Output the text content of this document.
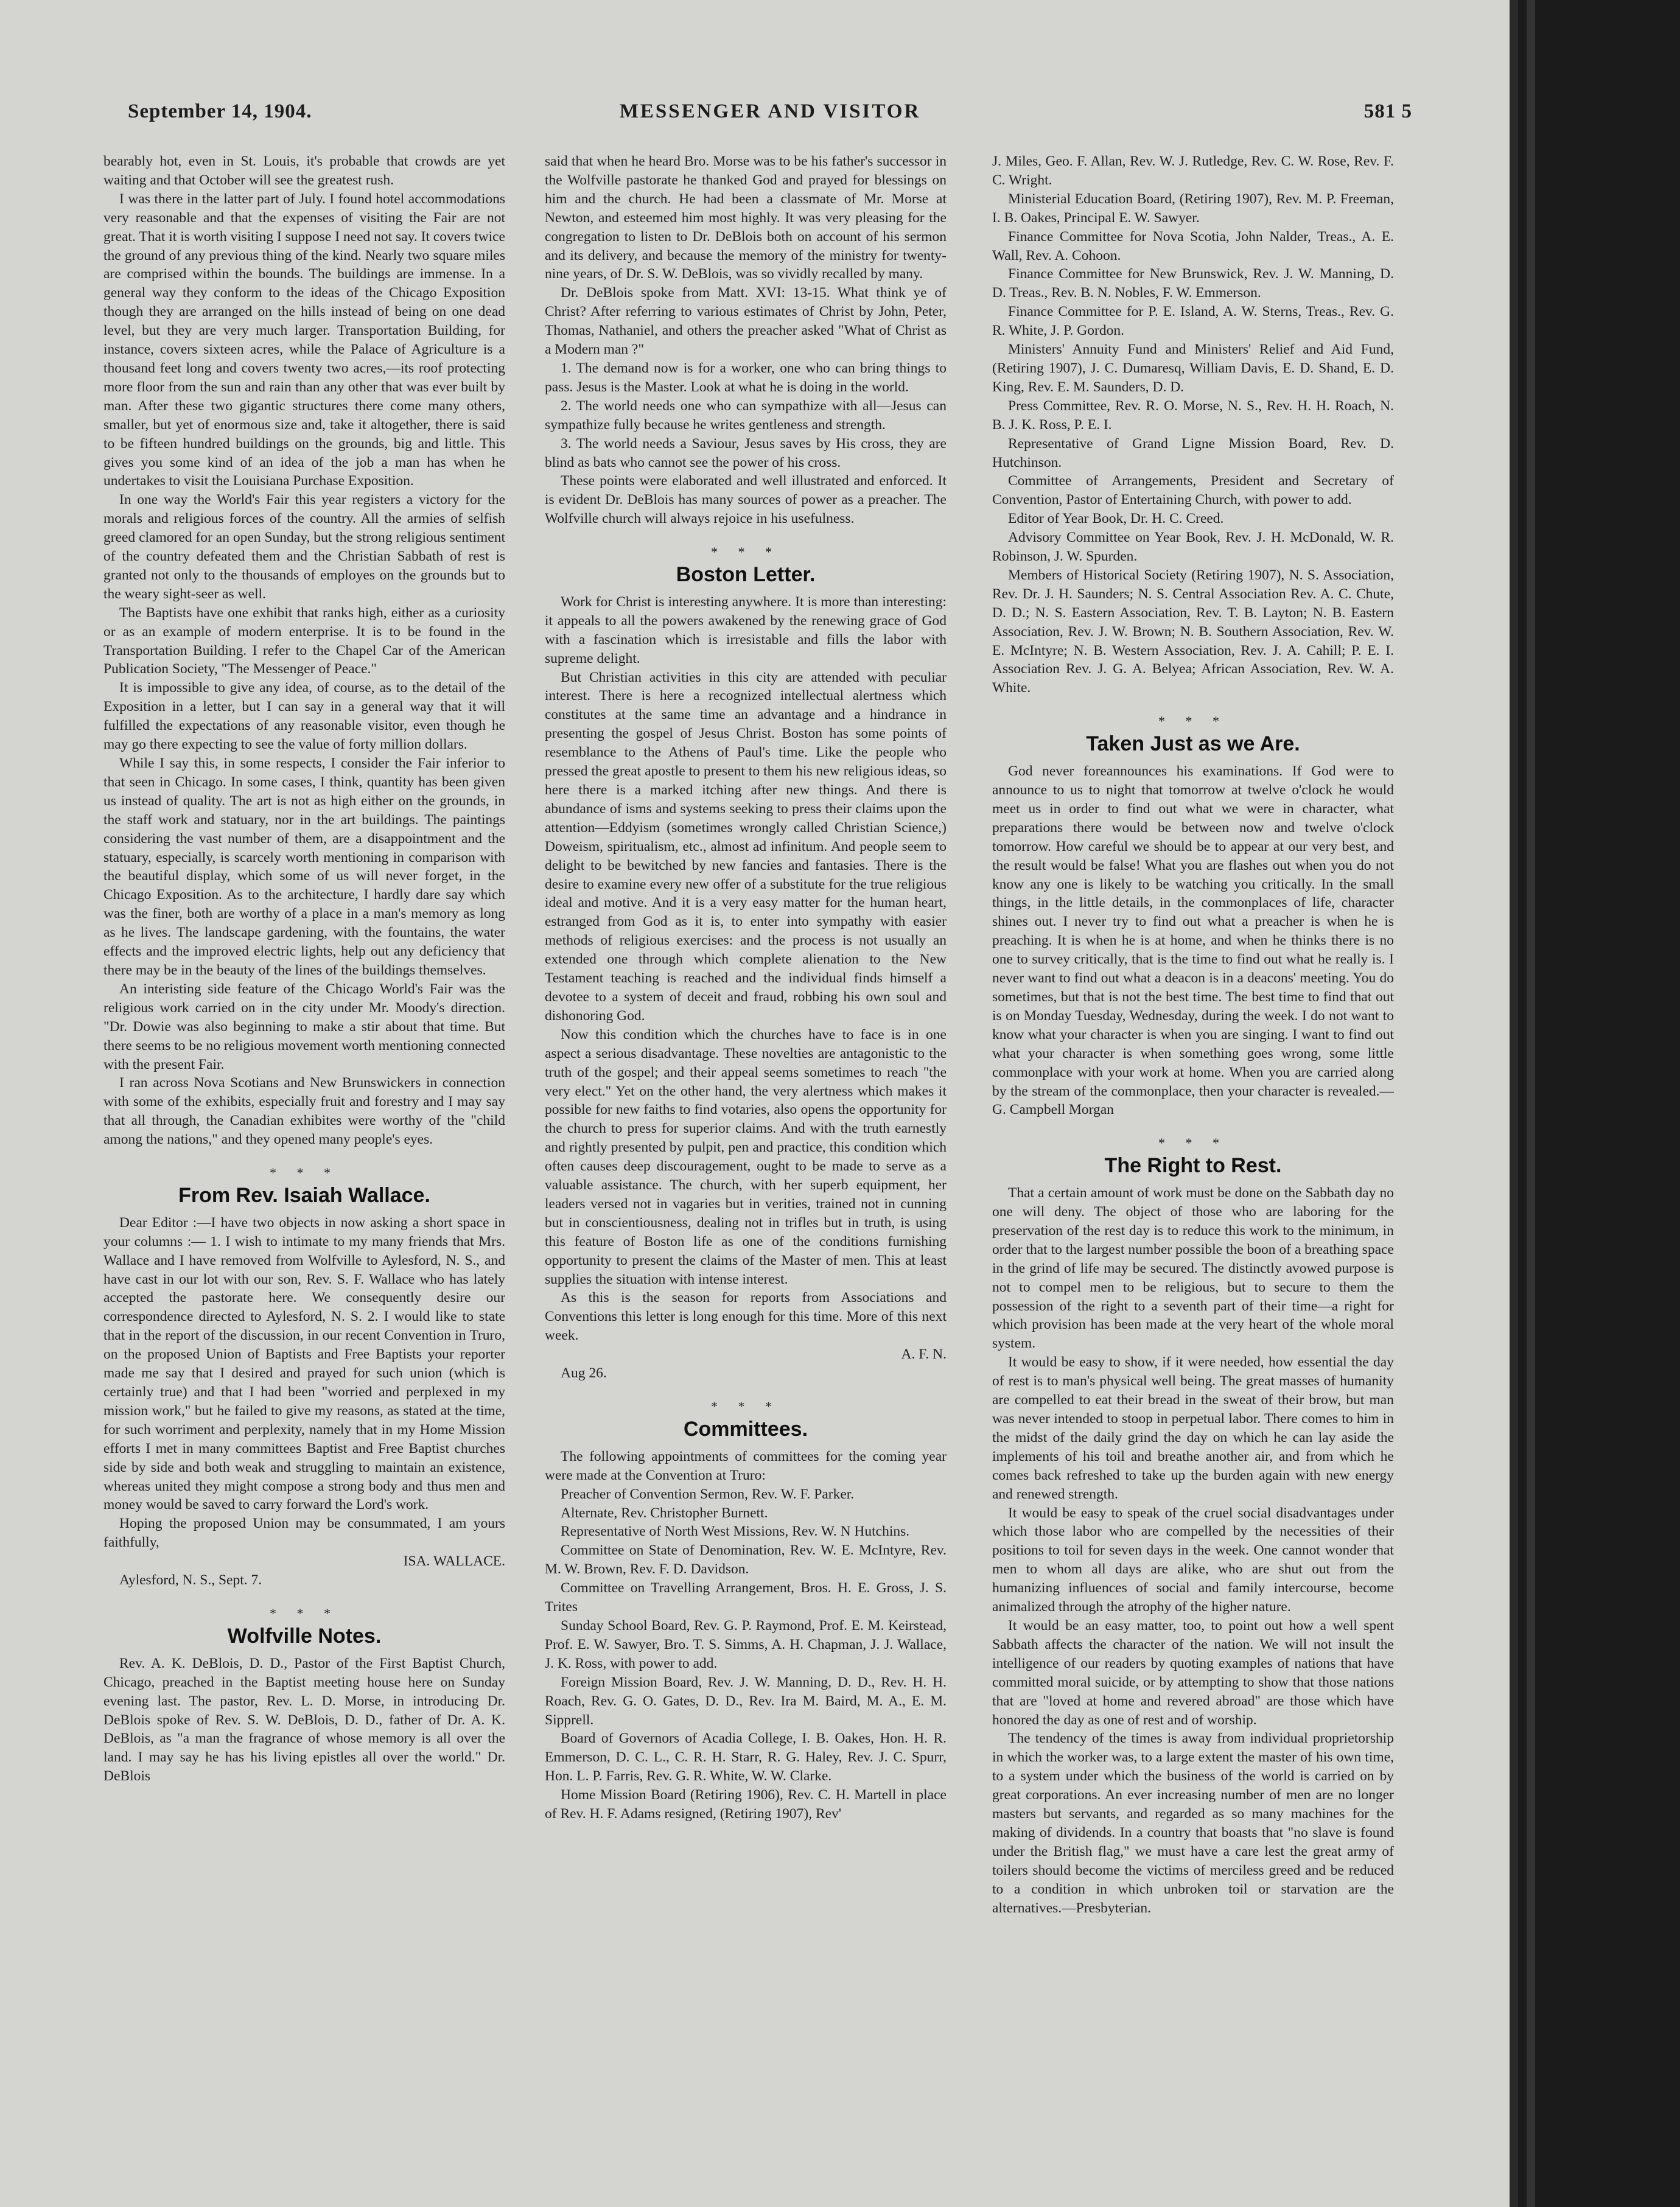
September 14, 1904.	MESSENGER AND VISITOR	581 5

bearably hot, even in St. Louis, it's probable that crowds are yet waiting and that October will see the greatest rush.

I was there in the latter part of July. I found hotel accommodations very reasonable and that the expenses of visiting the Fair are not great. That it is worth visiting I suppose I need not say. It covers twice the ground of any previous thing of the kind. Nearly two square miles are comprised within the bounds. The buildings are immense. In a general way they conform to the ideas of the Chicago Exposition though they are arranged on the hills instead of being on one dead level, but they are very much larger. Transportation Building, for instance, covers sixteen acres, while the Palace of Agriculture is a thousand feet long and covers twenty two acres,—its roof protecting more floor from the sun and rain than any other that was ever built by man. After these two gigantic structures there come many others, smaller, but yet of enormous size and, take it altogether, there is said to be fifteen hundred buildings on the grounds, big and little. This gives you some kind of an idea of the job a man has when he undertakes to visit the Louisiana Purchase Exposition.

In one way the World's Fair this year registers a victory for the morals and religious forces of the country. All the armies of selfish greed clamored for an open Sunday, but the strong religious sentiment of the country defeated them and the Christian Sabbath of rest is granted not only to the thousands of employes on the grounds but to the weary sight-seer as well.

The Baptists have one exhibit that ranks high, either as a curiosity or as an example of modern enterprise. It is to be found in the Transportation Building. I refer to the Chapel Car of the American Publication Society, "The Messenger of Peace."

It is impossible to give any idea, of course, as to the detail of the Exposition in a letter, but I can say in a general way that it will fulfilled the expectations of any reasonable visitor, even though he may go there expecting to see the value of forty million dollars.

While I say this, in some respects, I consider the Fair inferior to that seen in Chicago. In some cases, I think, quantity has been given us instead of quality. The art is not as high either on the grounds, in the staff work and statuary, nor in the art buildings. The paintings considering the vast number of them, are a disappointment and the statuary, especially, is scarcely worth mentioning in comparison with the beautiful display, which some of us will never forget, in the Chicago Exposition. As to the architecture, I hardly dare say which was the finer, both are worthy of a place in a man's memory as long as he lives. The landscape gardening, with the fountains, the water effects and the improved electric lights, help out any deficiency that there may be in the beauty of the lines of the buildings themselves.

An interisting side feature of the Chicago World's Fair was the religious work carried on in the city under Mr. Moody's direction. "Dr. Dowie was also beginning to make a stir about that time. But there seems to be no religious movement worth mentioning connected with the present Fair.

I ran across Nova Scotians and New Brunswickers in connection with some of the exhibits, especially fruit and forestry and I may say that all through, the Canadian exhibites were worthy of the "child among the nations," and they opened many people's eyes.

* * *
From Rev. Isaiah Wallace.

Dear Editor :—I have two objects in now asking a short space in your columns :— 1. I wish to intimate to my many friends that Mrs. Wallace and I have removed from Wolfville to Aylesford, N. S., and have cast in our lot with our son, Rev. S. F. Wallace who has lately accepted the pastorate here. We consequently desire our correspondence directed to Aylesford, N. S. 2. I would like to state that in the report of the discussion, in our recent Convention in Truro, on the proposed Union of Baptists and Free Baptists your reporter made me say that I desired and prayed for such union (which is certainly true) and that I had been "worried and perplexed in my mission work," but he failed to give my reasons, as stated at the time, for such worriment and perplexity, namely that in my Home Mission efforts I met in many committees Baptist and Free Baptist churches side by side and both weak and struggling to maintain an existence, whereas united they might compose a strong body and thus men and money would be saved to carry forward the Lord's work.

Hoping the proposed Union may be consummated, I am yours faithfully,

ISA. WALLACE.

Aylesford, N. S., Sept. 7.

* * *
Wolfville Notes.

Rev. A. K. DeBlois, D. D., Pastor of the First Baptist Church, Chicago, preached in the Baptist meeting house here on Sunday evening last. The pastor, Rev. L. D. Morse, in introducing Dr. DeBlois spoke of Rev. S. W. DeBlois, D. D., father of Dr. A. K. DeBlois, as "a man the fragrance of whose memory is all over the land. I may say he has his living epistles all over the world." Dr. DeBlois

said that when he heard Bro. Morse was to be his father's successor in the Wolfville pastorate he thanked God and prayed for blessings on him and the church. He had been a classmate of Mr. Morse at Newton, and esteemed him most highly. It was very pleasing for the congregation to listen to Dr. DeBlois both on account of his sermon and its delivery, and because the memory of the ministry for twenty-nine years, of Dr. S. W. DeBlois, was so vividly recalled by many.

Dr. DeBlois spoke from Matt. XVI: 13-15. What think ye of Christ? After referring to various estimates of Christ by John, Peter, Thomas, Nathaniel, and others the preacher asked "What of Christ as a Modern man ?"

1. The demand now is for a worker, one who can bring things to pass. Jesus is the Master. Look at what he is doing in the world.

2. The world needs one who can sympathize with all—Jesus can sympathize fully because he writes gentleness and strength.

3. The world needs a Saviour, Jesus saves by His cross, they are blind as bats who cannot see the power of his cross.

These points were elaborated and well illustrated and enforced. It is evident Dr. DeBlois has many sources of power as a preacher. The Wolfville church will always rejoice in his usefulness.

* * *
Boston Letter.

Work for Christ is interesting anywhere. It is more than interesting: it appeals to all the powers awakened by the renewing grace of God with a fascination which is irresistable and fills the labor with supreme delight.

But Christian activities in this city are attended with peculiar interest. There is here a recognized intellectual alertness which constitutes at the same time an advantage and a hindrance in presenting the gospel of Jesus Christ. Boston has some points of resemblance to the Athens of Paul's time. Like the people who pressed the great apostle to present to them his new religious ideas, so here there is a marked itching after new things. And there is abundance of isms and systems seeking to press their claims upon the attention—Eddyism (sometimes wrongly called Christian Science,) Doweism, spiritualism, etc., almost ad infinitum. And people seem to delight to be bewitched by new fancies and fantasies. There is the desire to examine every new offer of a substitute for the true religious ideal and motive. And it is a very easy matter for the human heart, estranged from God as it is, to enter into sympathy with easier methods of religious exercises: and the process is not usually an extended one through which complete alienation to the New Testament teaching is reached and the individual finds himself a devotee to a system of deceit and fraud, robbing his own soul and dishonoring God.

Now this condition which the churches have to face is in one aspect a serious disadvantage. These novelties are antagonistic to the truth of the gospel; and their appeal seems sometimes to reach "the very elect." Yet on the other hand, the very alertness which makes it possible for new faiths to find votaries, also opens the opportunity for the church to press for superior claims. And with the truth earnestly and rightly presented by pulpit, pen and practice, this condition which often causes deep discouragement, ought to be made to serve as a valuable assistance. The church, with her superb equipment, her leaders versed not in vagaries but in verities, trained not in cunning but in conscientiousness, dealing not in trifles but in truth, is using this feature of Boston life as one of the conditions furnishing opportunity to present the claims of the Master of men. This at least supplies the situation with intense interest.

As this is the season for reports from Associations and Conventions this letter is long enough for this time. More of this next week.

A. F. N.

Aug 26.

* * *
Committees.

The following appointments of committees for the coming year were made at the Convention at Truro:

Preacher of Convention Sermon, Rev. W. F. Parker.

Alternate, Rev. Christopher Burnett.

Representative of North West Missions, Rev. W. N Hutchins.

Committee on State of Denomination, Rev. W. E. McIntyre, Rev. M. W. Brown, Rev. F. D. Davidson.

Committee on Travelling Arrangement, Bros. H. E. Gross, J. S. Trites

Sunday School Board, Rev. G. P. Raymond, Prof. E. M. Keirstead, Prof. E. W. Sawyer, Bro. T. S. Simms, A. H. Chapman, J. J. Wallace, J. K. Ross, with power to add.

Foreign Mission Board, Rev. J. W. Manning, D. D., Rev. H. H. Roach, Rev. G. O. Gates, D. D., Rev. Ira M. Baird, M. A., E. M. Sipprell.

Board of Governors of Acadia College, I. B. Oakes, Hon. H. R. Emmerson, D. C. L., C. R. H. Starr, R. G. Haley, Rev. J. C. Spurr, Hon. L. P. Farris, Rev. G. R. White, W. W. Clarke.

Home Mission Board (Retiring 1906), Rev. C. H. Martell in place of Rev. H. F. Adams resigned, (Retiring 1907), Rev'

J. Miles, Geo. F. Allan, Rev. W. J. Rutledge, Rev. C. W. Rose, Rev. F. C. Wright.

Ministerial Education Board, (Retiring 1907), Rev. M. P. Freeman, I. B. Oakes, Principal E. W. Sawyer.

Finance Committee for Nova Scotia, John Nalder, Treas., A. E. Wall, Rev. A. Cohoon.

Finance Committee for New Brunswick, Rev. J. W. Manning, D. D. Treas., Rev. B. N. Nobles, F. W. Emmerson.

Finance Committee for P. E. Island, A. W. Sterns, Treas., Rev. G. R. White, J. P. Gordon.

Ministers' Annuity Fund and Ministers' Relief and Aid Fund, (Retiring 1907), J. C. Dumaresq, William Davis, E. D. Shand, E. D. King, Rev. E. M. Saunders, D. D.

Press Committee, Rev. R. O. Morse, N. S., Rev. H. H. Roach, N. B. J. K. Ross, P. E. I.

Representative of Grand Ligne Mission Board, Rev. D. Hutchinson.

Committee of Arrangements, President and Secretary of Convention, Pastor of Entertaining Church, with power to add.

Editor of Year Book, Dr. H. C. Creed.

Advisory Committee on Year Book, Rev. J. H. McDonald, W. R. Robinson, J. W. Spurden.

Members of Historical Society (Retiring 1907), N. S. Association, Rev. Dr. J. H. Saunders; N. S. Central Association Rev. A. C. Chute, D. D.; N. S. Eastern Association, Rev. T. B. Layton; N. B. Eastern Association, Rev. J. W. Brown; N. B. Southern Association, Rev. W. E. McIntyre; N. B. Western Association, Rev. J. A. Cahill; P. E. I. Association Rev. J. G. A. Belyea; African Association, Rev. W. A. White.

* * *
Taken Just as we Are.

God never foreannounces his examinations. If God were to announce to us to night that tomorrow at twelve o'clock he would meet us in order to find out what we were in character, what preparations there would be between now and twelve o'clock tomorrow. How careful we should be to appear at our very best, and the result would be false! What you are flashes out when you do not know any one is likely to be watching you critically. In the small things, in the little details, in the commonplaces of life, character shines out. I never try to find out what a preacher is when he is preaching. It is when he is at home, and when he thinks there is no one to survey critically, that is the time to find out what he really is. I never want to find out what a deacon is in a deacons' meeting. You do sometimes, but that is not the best time. The best time to find that out is on Monday Tuesday, Wednesday, during the week. I do not want to know what your character is when you are singing. I want to find out what your character is when something goes wrong, some little commonplace with your work at home. When you are carried along by the stream of the commonplace, then your character is revealed.—G. Campbell Morgan

* * *
The Right to Rest.

That a certain amount of work must be done on the Sabbath day no one will deny. The object of those who are laboring for the preservation of the rest day is to reduce this work to the minimum, in order that to the largest number possible the boon of a breathing space in the grind of life may be secured. The distinctly avowed purpose is not to compel men to be religious, but to secure to them the possession of the right to a seventh part of their time—a right for which provision has been made at the very heart of the whole moral system.

It would be easy to show, if it were needed, how essential the day of rest is to man's physical well being. The great masses of humanity are compelled to eat their bread in the sweat of their brow, but man was never intended to stoop in perpetual labor. There comes to him in the midst of the daily grind the day on which he can lay aside the implements of his toil and breathe another air, and from which he comes back refreshed to take up the burden again with new energy and renewed strength.

It would be easy to speak of the cruel social disadvantages under which those labor who are compelled by the necessities of their positions to toil for seven days in the week. One cannot wonder that men to whom all days are alike, who are shut out from the humanizing influences of social and family intercourse, become animalized through the atrophy of the higher nature.

It would be an easy matter, too, to point out how a well spent Sabbath affects the character of the nation. We will not insult the intelligence of our readers by quoting examples of nations that have committed moral suicide, or by attempting to show that those nations that are "loved at home and revered abroad" are those which have honored the day as one of rest and of worship.

The tendency of the times is away from individual proprietorship in which the worker was, to a large extent the master of his own time, to a system under which the business of the world is carried on by great corporations. An ever increasing number of men are no longer masters but servants, and regarded as so many machines for the making of dividends. In a country that boasts that "no slave is found under the British flag," we must have a care lest the great army of toilers should become the victims of merciless greed and be reduced to a condition in which unbroken toil or starvation are the alternatives.—Presbyterian.
